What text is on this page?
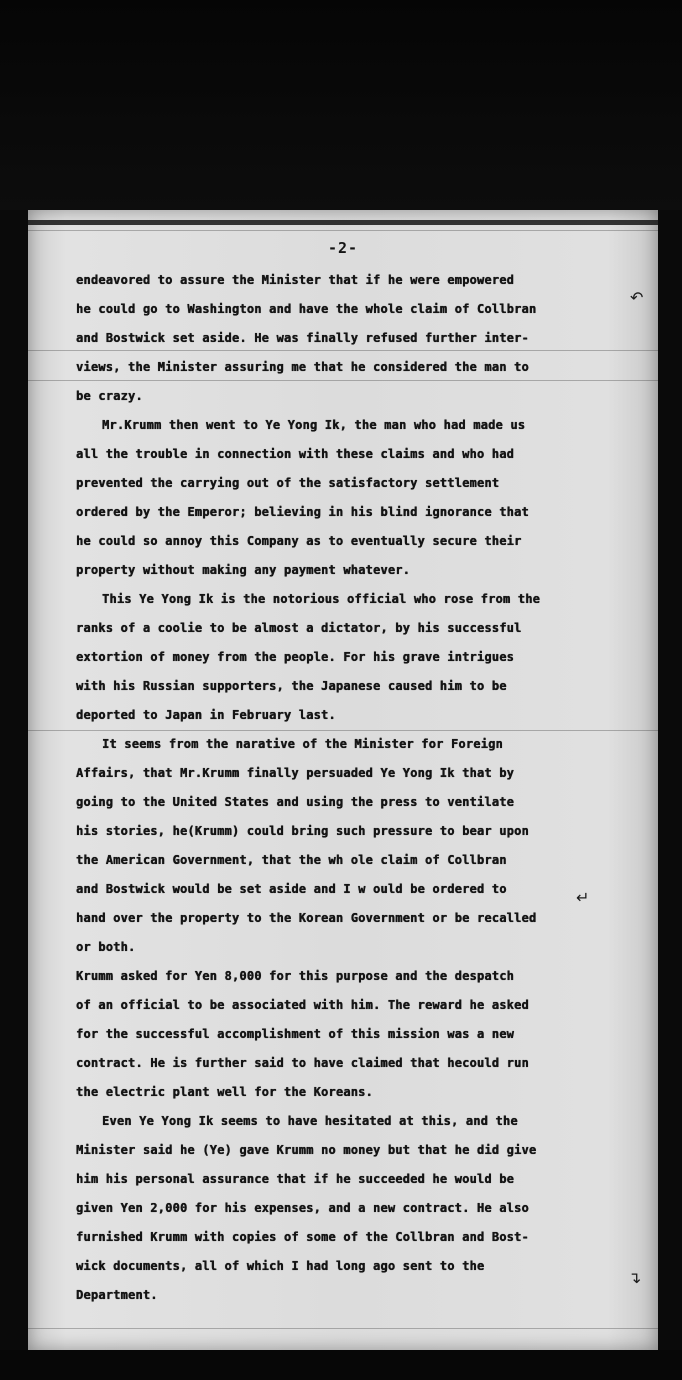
-2-
endeavored to assure the Minister that if he were empowered
he could go to Washington and have the whole claim of Collbran
and Bostwick set aside. He was finally refused further inter-
views, the Minister assuring me that he considered the man to
be crazy.
Mr.Krumm then went to Ye Yong Ik, the man who had made us
all the trouble in connection with these claims and who had
prevented the carrying out of the satisfactory settlement
ordered by the Emperor; believing in his blind ignorance that
he could so annoy this Company as to eventually secure their
property without making any payment whatever.
This Ye Yong Ik is the notorious official who rose from the
ranks of a coolie to be almost a dictator, by his successful
extortion of money from the people. For his grave intrigues
with his Russian supporters, the Japanese caused him to be
deported to Japan in February last.
It seems from the narative of the Minister for Foreign
Affairs, that Mr.Krumm finally persuaded Ye Yong Ik that by
going to the United States and using the press to ventilate
his stories, he(Krumm) could bring such pressure to bear upon
the American Government, that the wh ole claim of Collbran
and Bostwick would be set aside and I w ould be ordered to
hand over the property to the Korean Government or be recalled
or both.
Krumm asked for Yen 8,000 for this purpose and the despatch
of an official to be associated with him. The reward he asked
for the successful accomplishment of this mission was a new
contract. He is further said to have claimed that hecould run
the electric plant well for the Koreans.
Even Ye Yong Ik seems to have hesitated at this, and the
Minister said he (Ye) gave Krumm no money but that he did give
him his personal assurance that if he succeeded he would be
given Yen 2,000 for his expenses, and a new contract. He also
furnished Krumm with copies of some of the Collbran and Bost-
wick documents, all of which I had long ago sent to the
Department.
↶
↵
↴
